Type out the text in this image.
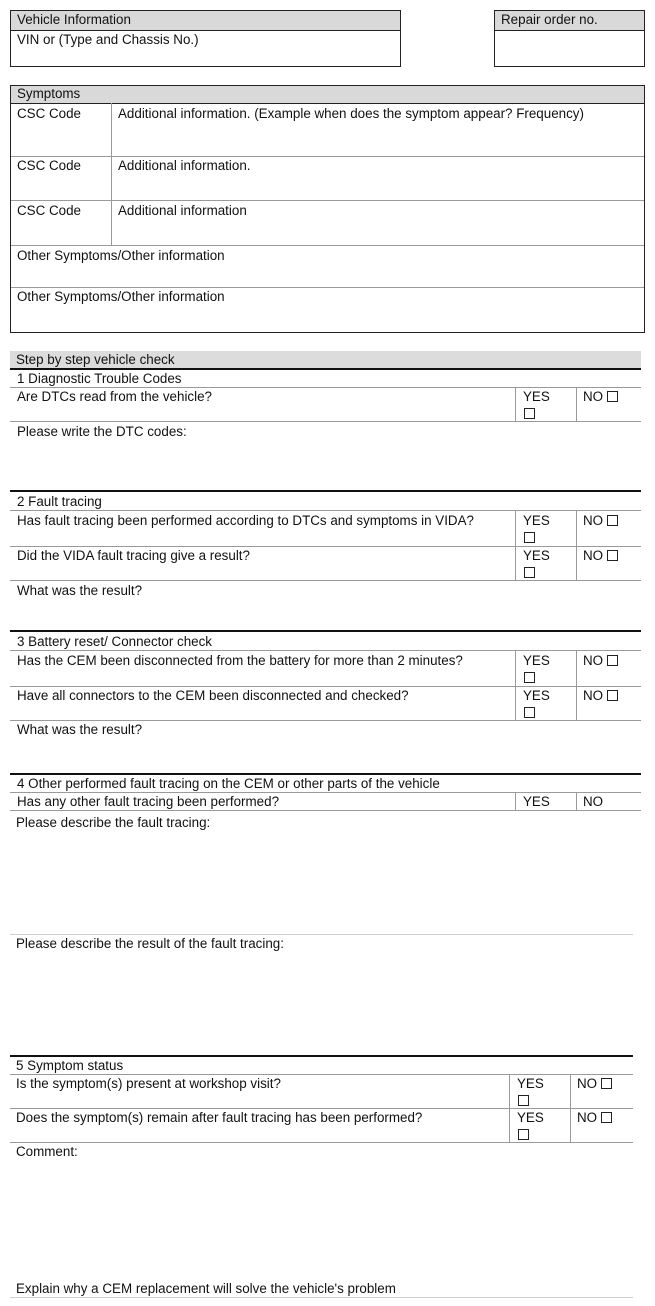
Vehicle Information
VIN or (Type and Chassis No.)
Repair order no.
Symptoms
CSC Code	Additional information. (Example when does the symptom appear? Frequency)
CSC Code	Additional information.
CSC Code	Additional information
Other Symptoms/Other information
Other Symptoms/Other information
Step by step vehicle check
1 Diagnostic Trouble Codes
Are DTCs read from the vehicle?	YES NO
Please write the DTC codes:
2 Fault tracing
Has fault tracing been performed according to DTCs and symptoms in VIDA?	YES NO
Did the VIDA fault tracing give a result?	YES NO
What was the result?
3 Battery reset/ Connector check
Has the CEM been disconnected from the battery for more than 2 minutes?	YES NO
Have all connectors to the CEM been disconnected and checked?	YES NO
What was the result?
4 Other performed fault tracing on the CEM or other parts of the vehicle
Has any other fault tracing been performed?	YES NO
Please describe the fault tracing:
Please describe the result of the fault tracing:
5 Symptom status
Is the symptom(s) present at workshop visit?	YES NO
Does the symptom(s) remain after fault tracing has been performed?	YES NO
Comment:
Explain why a CEM replacement will solve the vehicle's problem
